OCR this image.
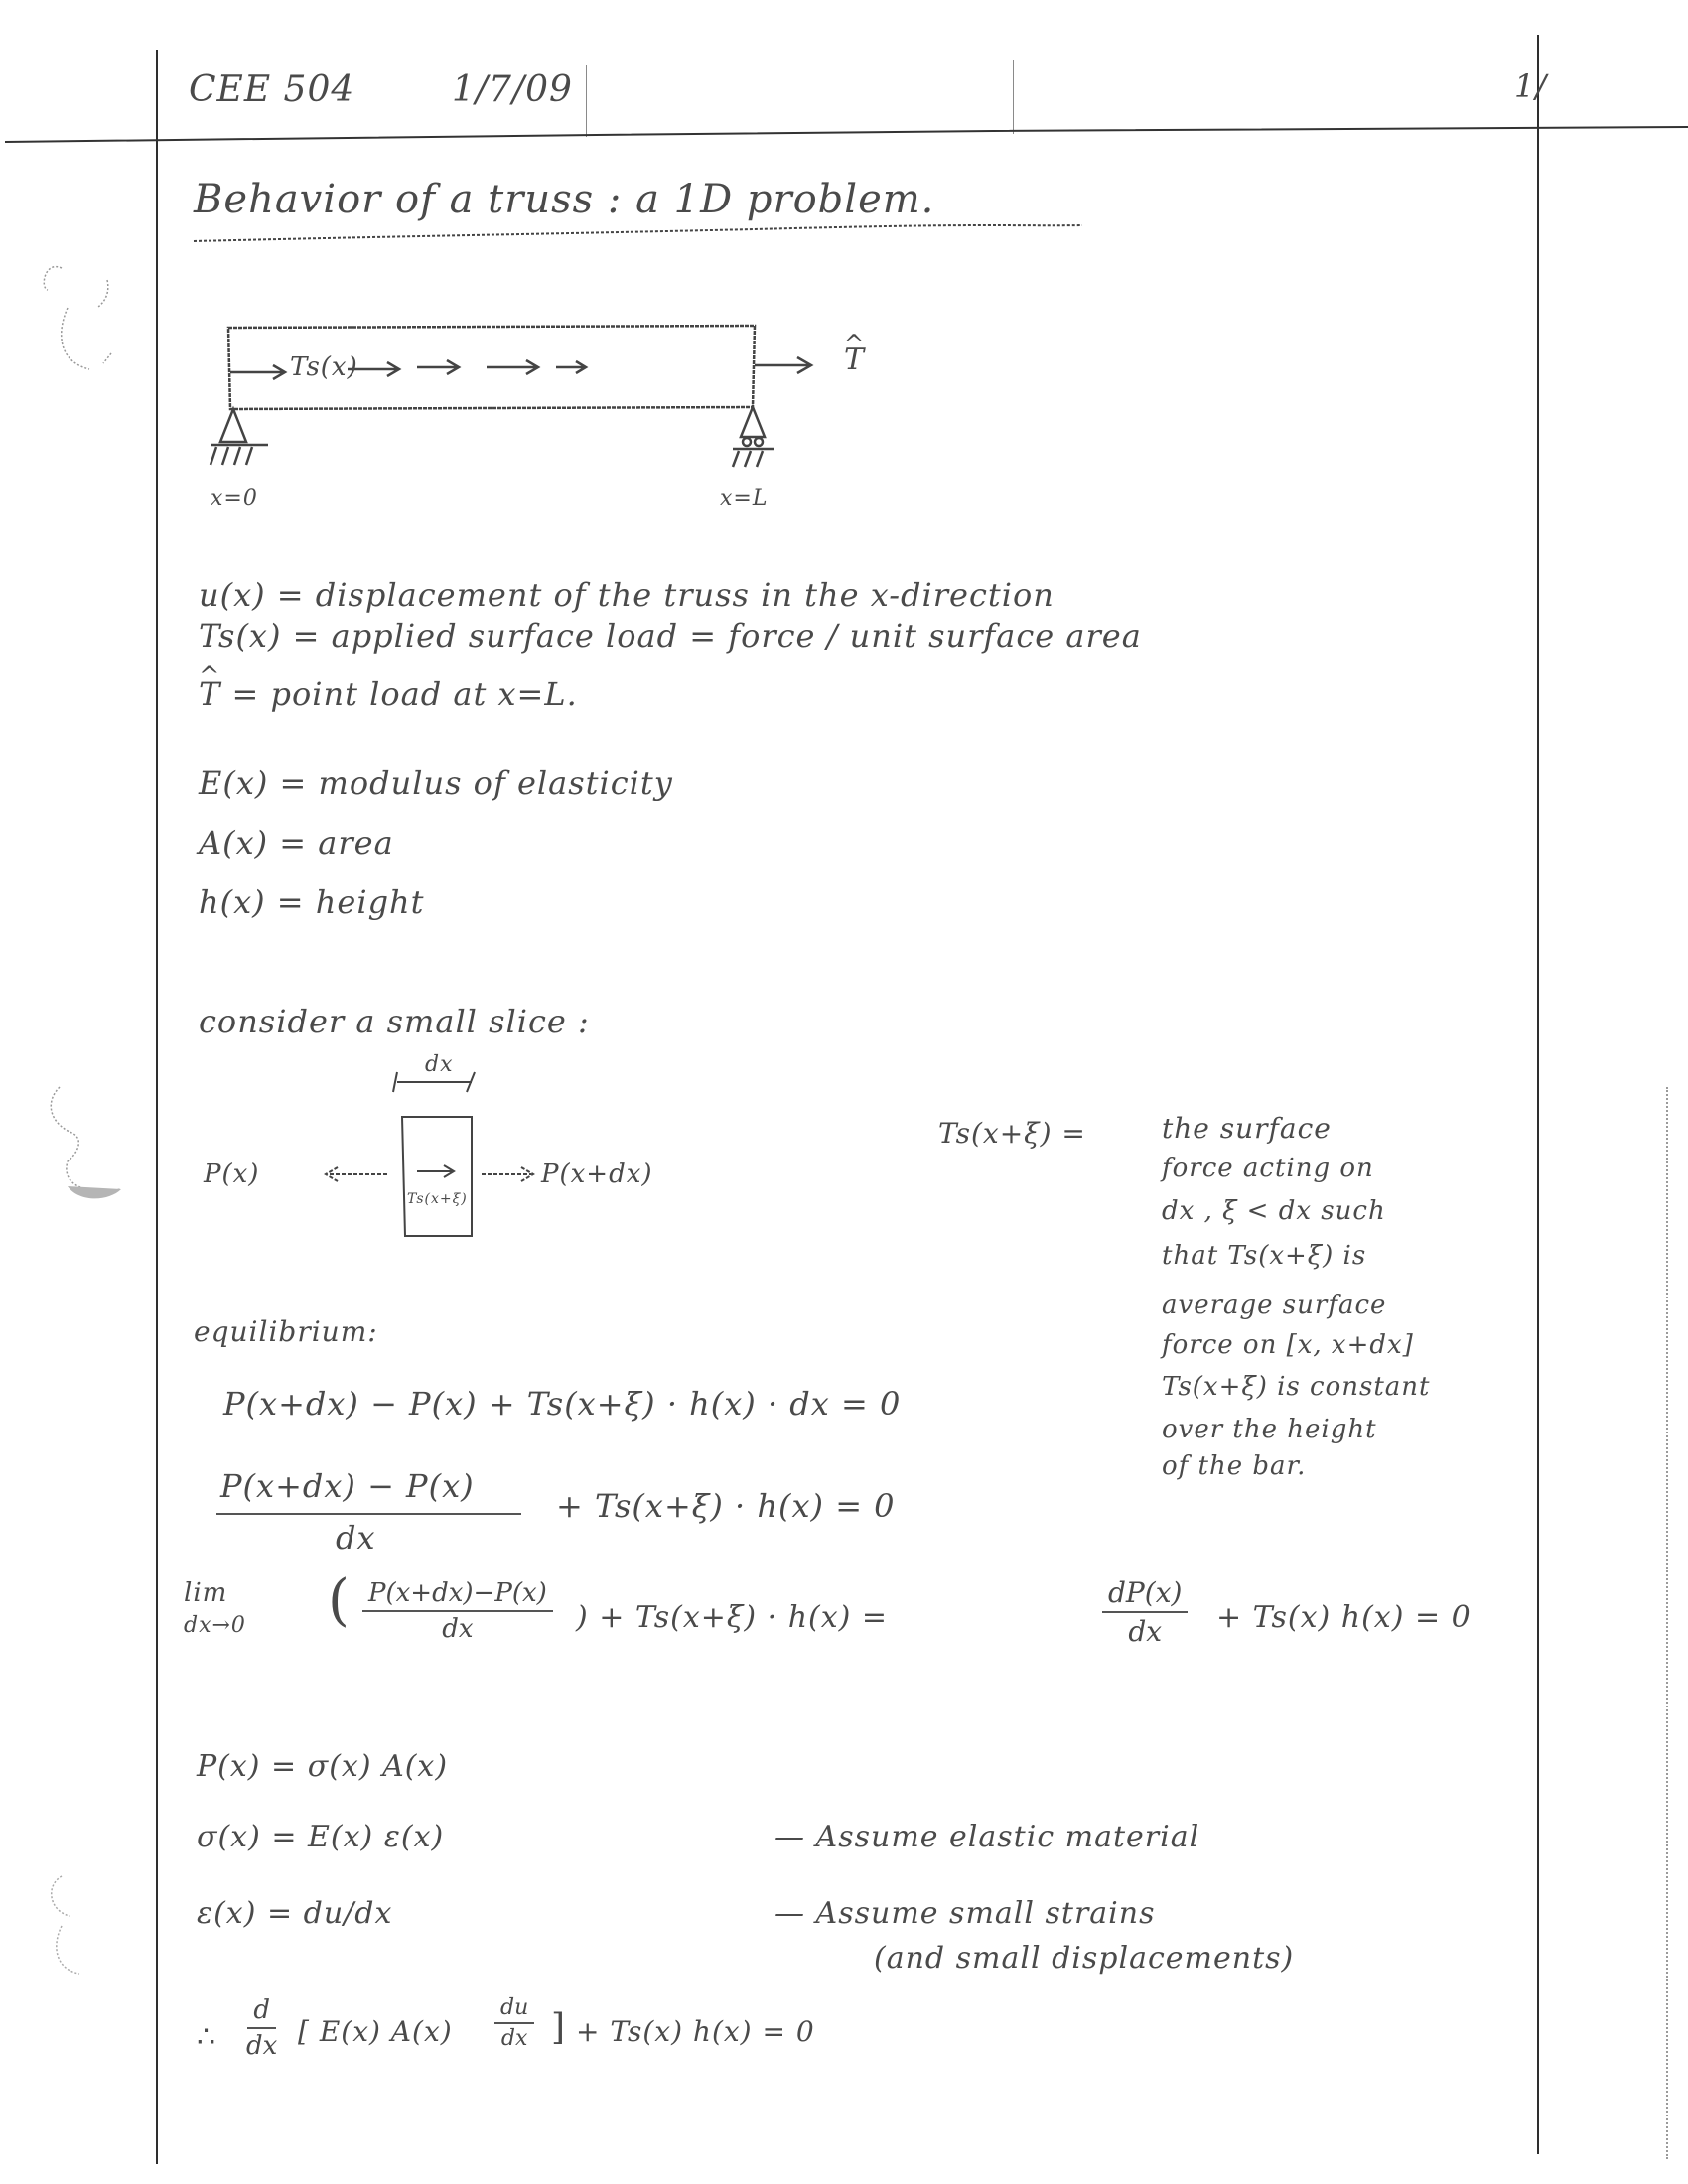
CEE 504	1/7/09	1/
Behavior of a truss : a 1D problem.
Ts(x)	^ T
x=0	x=L
u(x) = displacement of the truss in the x-direction
Ts(x) = applied surface load = force / unit surface area
^ T = point load at x=L.
E(x) = modulus of elasticity
A(x) = area
h(x) = height
consider a small slice :
dx
P(x)	P(x+dx)
Ts(x+ξ)
Ts(x+ξ) =	the surface
force acting on
dx , ξ < dx such
that Ts(x+ξ) is
average surface
force on [x, x+dx]
Ts(x+ξ) is constant
over the height
of the bar.
equilibrium:
P(x+dx) − P(x) + Ts(x+ξ) · h(x) · dx = 0
P(x+dx) − P(x)
dx
+ Ts(x+ξ) · h(x) = 0
lim
dx→0 ( $\frac{P(x+dx)-P(x)}{dx}$ ) + Ts(x+ξ) · h(x) =	$\frac{dP(x)}{dx} + Ts(x) h(x) = 0$
P(x) = σ(x) A(x)
σ(x) = E(x) ε(x)	— Assume elastic material
ε(x) = du/dx	— Assume small strains
(and small displacements)
∴ $\frac{d}{dx}$ [ E(x) $A(x) \frac{du}{dx}$ ] + Ts(x) h(x) = 0
